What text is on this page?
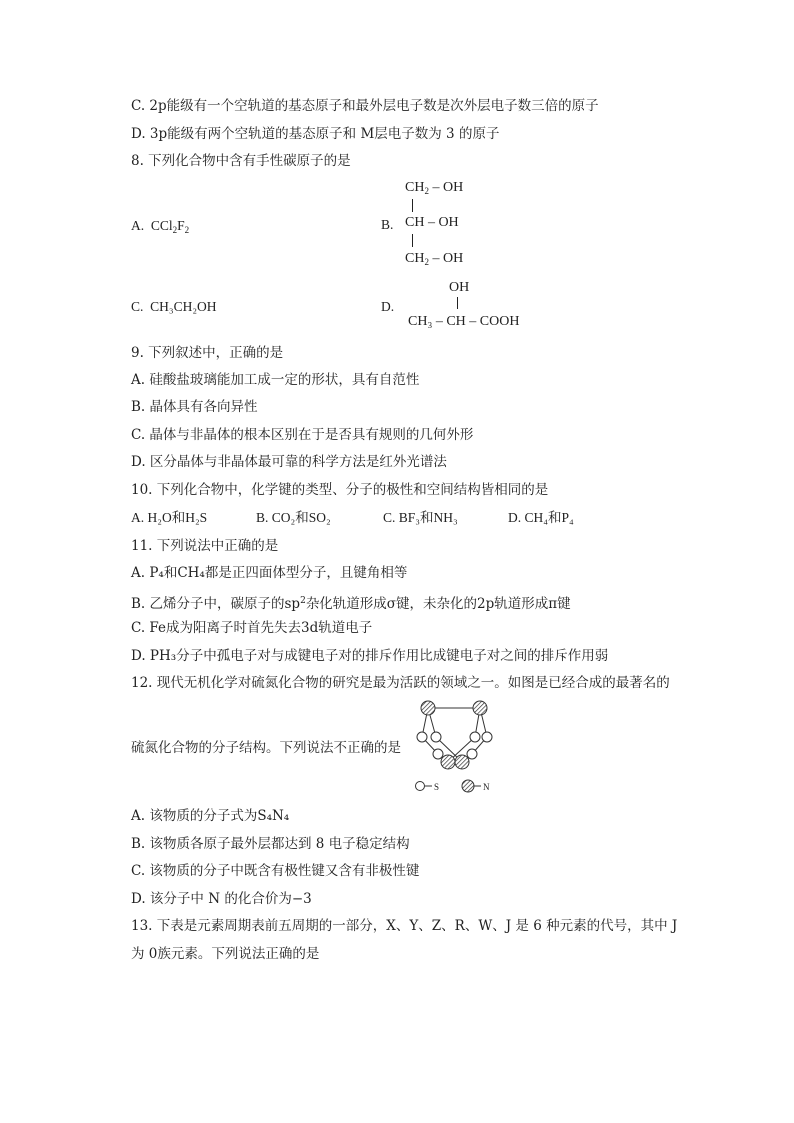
C. 2p能级有一个空轨道的基态原子和最外层电子数是次外层电子数三倍的原子
D. 3p能级有两个空轨道的基态原子和 M层电子数为 3 的原子
8. 下列化合物中含有手性碳原子的是
A. $CCl_2F_2$	B.
$CH_2$ – OH
CH – OH
$CH_2$ – OH
C. CH₃CH₂OH	D.
OH
CH₃ – CH – COOH
9. 下列叙述中，正确的是
A. 硅酸盐玻璃能加工成一定的形状，具有自范性
B. 晶体具有各向异性
C. 晶体与非晶体的根本区别在于是否具有规则的几何外形
D. 区分晶体与非晶体最可靠的科学方法是红外光谱法
10. 下列化合物中，化学键的类型、分子的极性和空间结构皆相同的是
A. H₂O和H₂S	B. CO₂和SO₂	C. BF₃和NH₃	D. CH₄和P₄
11. 下列说法中正确的是
A. P₄和CH₄都是正四面体型分子，且键角相等
B. 乙烯分子中，碳原子的$sp^2$杂化轨道形成σ键，未杂化的2p轨道形成π键
C. Fe成为阳离子时首先失去3d轨道电子
D. PH₃分子中孤电子对与成键电子对的排斥作用比成键电子对之间的排斥作用弱
12. 现代无机化学对硫氮化合物的研究是最为活跃的领域之一。如图是已经合成的最著名的
硫氮化合物的分子结构。下列说法不正确的是
S	N
A. 该物质的分子式为S₄N₄
B. 该物质各原子最外层都达到 8 电子稳定结构
C. 该物质的分子中既含有极性键又含有非极性键
D. 该分子中 N 的化合价为−3
13. 下表是元素周期表前五周期的一部分，X、Y、Z、R、W、J 是 6 种元素的代号，其中 J
为 0族元素。下列说法正确的是
